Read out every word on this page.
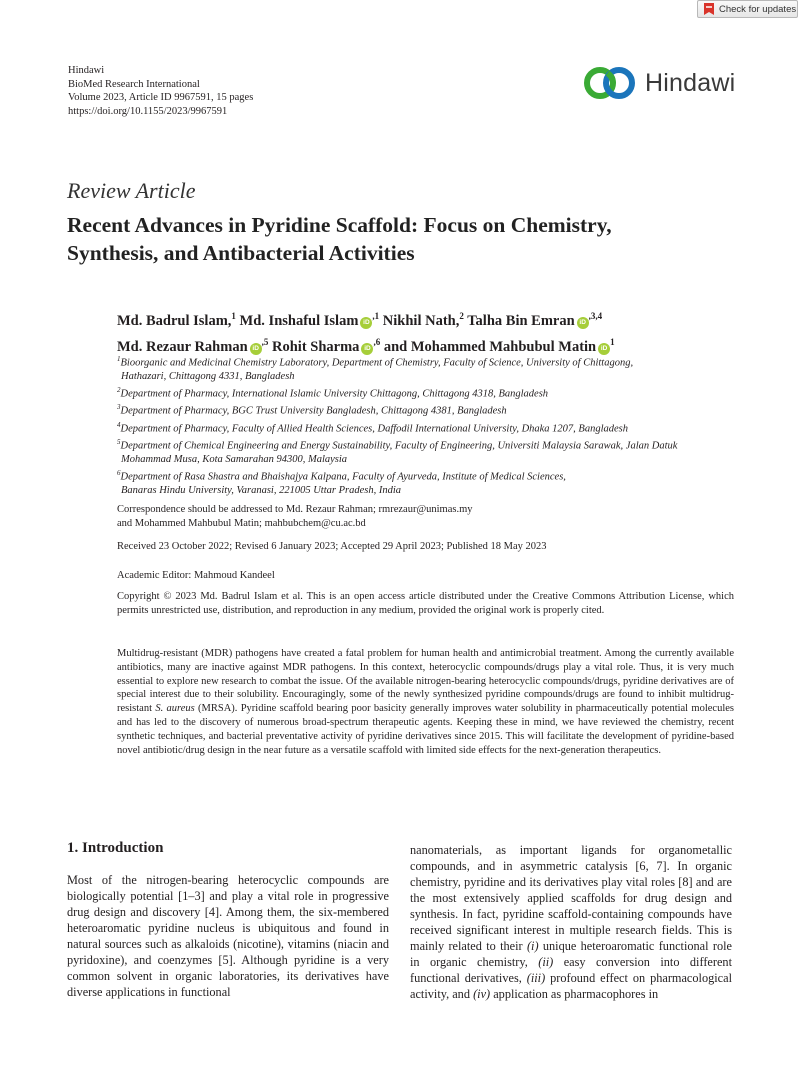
Check for updates
Hindawi
BioMed Research International
Volume 2023, Article ID 9967591, 15 pages
https://doi.org/10.1155/2023/9967591
Hindawi
Review Article
Recent Advances in Pyridine Scaffold: Focus on Chemistry,
Synthesis, and Antibacterial Activities
Md. Badrul Islam,$^1$ Md. Inshaful Islam $iD^{,1}$ Nikhil Nath,$^2$ Talha Bin Emran $iD^{,3,4}$
Md. Rezaur Rahman $iD^{,5}$ Rohit Sharma $iD^{,6}$ and Mohammed Mahbubul Matin $iD^1$
$^1$Bioorganic and Medicinal Chemistry Laboratory, Department of Chemistry, Faculty of Science, University of Chittagong,
Hathazari, Chittagong 4331, Bangladesh
$^2$Department of Pharmacy, International Islamic University Chittagong, Chittagong 4318, Bangladesh
$^3$Department of Pharmacy, BGC Trust University Bangladesh, Chittagong 4381, Bangladesh
$^4$Department of Pharmacy, Faculty of Allied Health Sciences, Daffodil International University, Dhaka 1207, Bangladesh
$^5$Department of Chemical Engineering and Energy Sustainability, Faculty of Engineering, Universiti Malaysia Sarawak, Jalan Datuk
Mohammad Musa, Kota Samarahan 94300, Malaysia
$^6$Department of Rasa Shastra and Bhaishajya Kalpana, Faculty of Ayurveda, Institute of Medical Sciences,
Banaras Hindu University, Varanasi, 221005 Uttar Pradesh, India
Correspondence should be addressed to Md. Rezaur Rahman; rmrezaur@unimas.my
and Mohammed Mahbubul Matin; mahbubchem@cu.ac.bd
Received 23 October 2022; Revised 6 January 2023; Accepted 29 April 2023; Published 18 May 2023
Academic Editor: Mahmoud Kandeel
Copyright © 2023 Md. Badrul Islam et al. This is an open access article distributed under the Creative Commons Attribution License, which permits unrestricted use, distribution, and reproduction in any medium, provided the original work is properly cited.
Multidrug-resistant (MDR) pathogens have created a fatal problem for human health and antimicrobial treatment. Among the currently available antibiotics, many are inactive against MDR pathogens. In this context, heterocyclic compounds/drugs play a vital role. Thus, it is very much essential to explore new research to combat the issue. Of the available nitrogen-bearing heterocyclic compounds/drugs, pyridine derivatives are of special interest due to their solubility. Encouragingly, some of the newly synthesized pyridine compounds/drugs are found to inhibit multidrug-resistant S. aureus (MRSA). Pyridine scaffold bearing poor basicity generally improves water solubility in pharmaceutically potential molecules and has led to the discovery of numerous broad-spectrum therapeutic agents. Keeping these in mind, we have reviewed the chemistry, recent synthetic techniques, and bacterial preventative activity of pyridine derivatives since 2015. This will facilitate the development of pyridine-based novel antibiotic/drug design in the near future as a versatile scaffold with limited side effects for the next-generation therapeutics.
1. Introduction
Most of the nitrogen-bearing heterocyclic compounds are biologically potential [1–3] and play a vital role in progressive drug design and discovery [4]. Among them, the six-membered heteroaromatic pyridine nucleus is ubiquitous and found in natural sources such as alkaloids (nicotine), vitamins (niacin and pyridoxine), and coenzymes [5]. Although pyridine is a very common solvent in organic laboratories, its derivatives have diverse applications in functional
nanomaterials, as important ligands for organometallic compounds, and in asymmetric catalysis [6, 7]. In organic chemistry, pyridine and its derivatives play vital roles [8] and are the most extensively applied scaffolds for drug design and synthesis. In fact, pyridine scaffold-containing compounds have received significant interest in multiple research fields. This is mainly related to their (i) unique heteroaromatic functional role in organic chemistry, (ii) easy conversion into different functional derivatives, (iii) profound effect on pharmacological activity, and (iv) application as pharmacophores in
